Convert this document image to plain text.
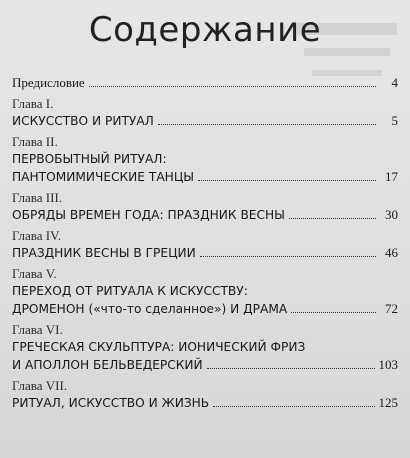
Содержание
Предисловие	4
Глава I.
ИСКУССТВО И РИТУАЛ	5
Глава II.
ПЕРВОБЫТНЫЙ РИТУАЛ:
ПАНТОМИМИЧЕСКИЕ ТАНЦЫ	17
Глава III.
ОБРЯДЫ ВРЕМЕН ГОДА: ПРАЗДНИК ВЕСНЫ	30
Глава IV.
ПРАЗДНИК ВЕСНЫ В ГРЕЦИИ	46
Глава V.
ПЕРЕХОД ОТ РИТУАЛА К ИСКУССТВУ:
ДРОМЕНОН («что-то сделанное») И ДРАМА	72
Глава VI.
ГРЕЧЕСКАЯ СКУЛЬПТУРА: ИОНИЧЕСКИЙ ФРИЗ
И АПОЛЛОН БЕЛЬВЕДЕРСКИЙ	103
Глава VII.
РИТУАЛ, ИСКУССТВО И ЖИЗНЬ	125
